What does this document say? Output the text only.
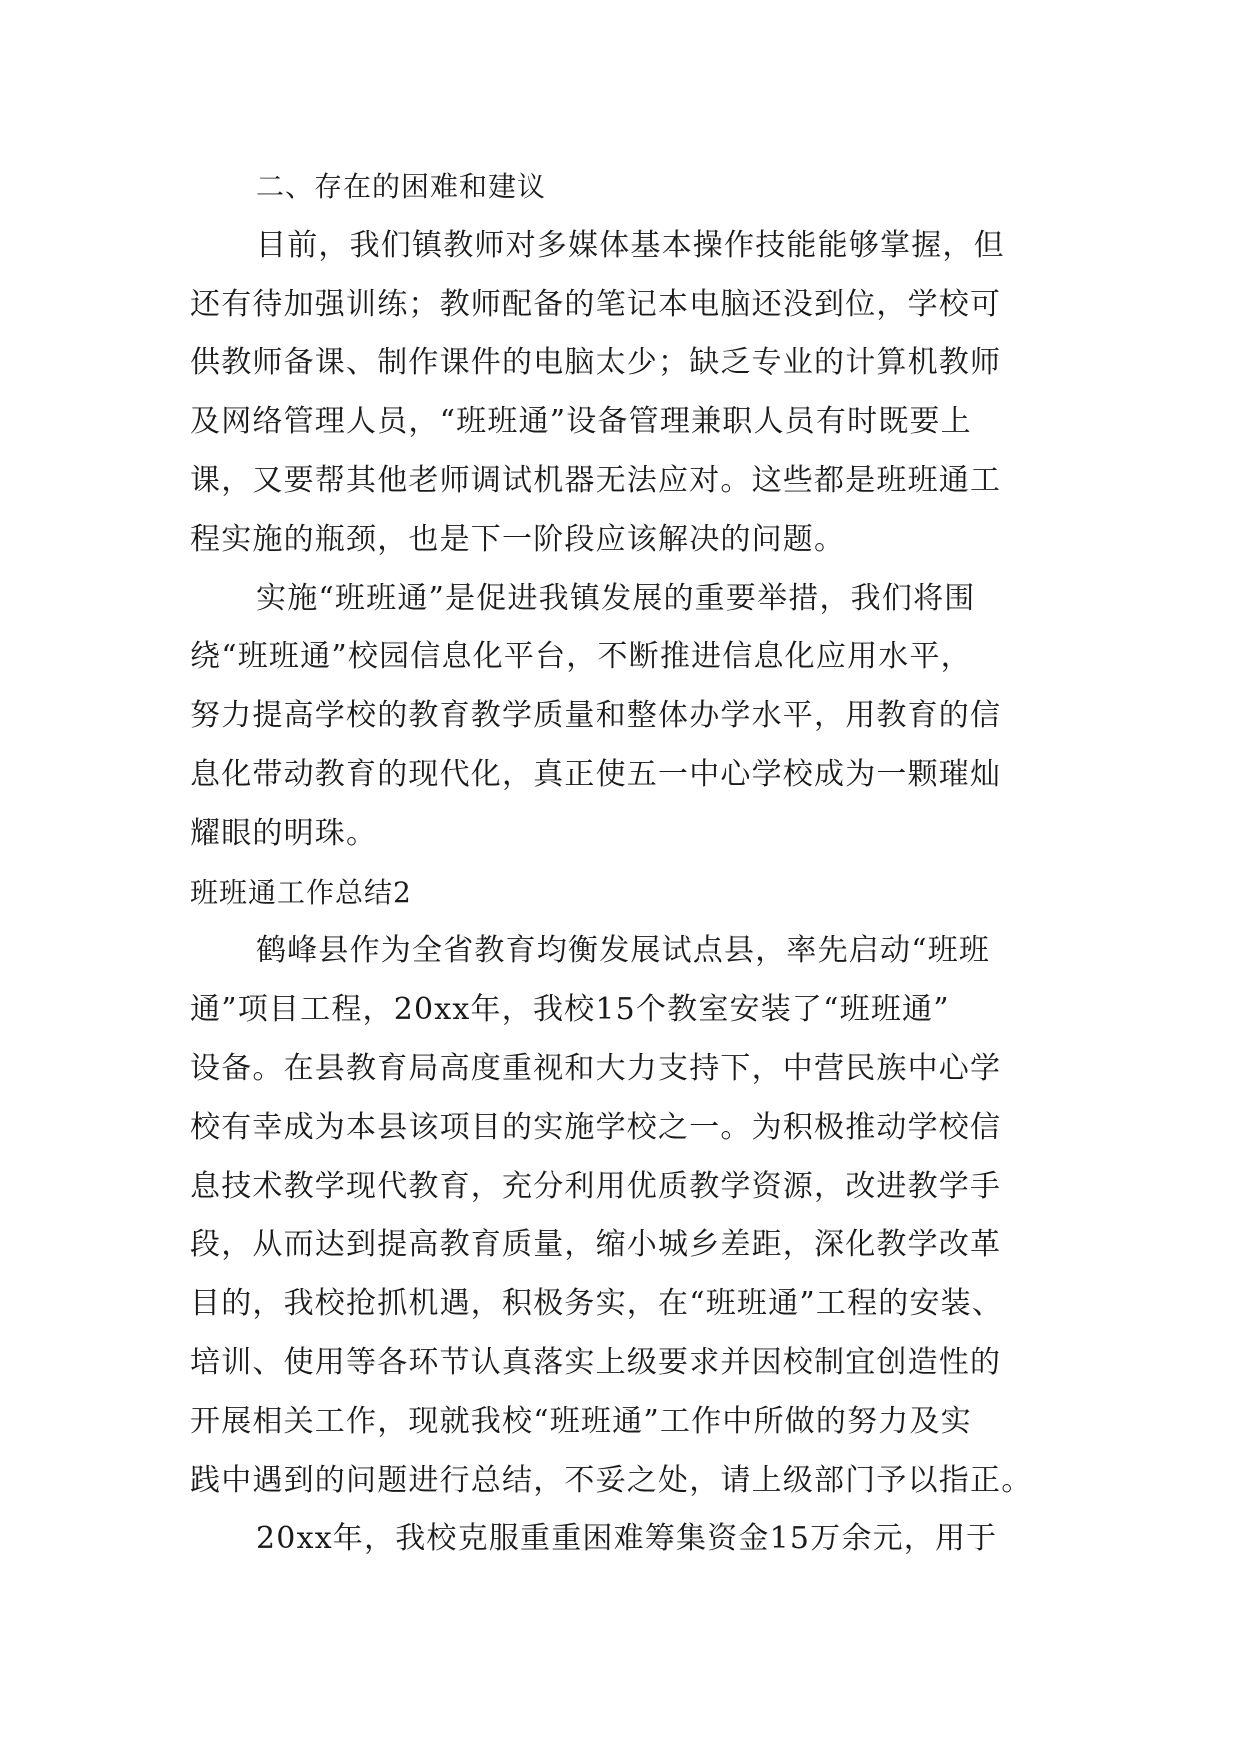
二、存在的困难和建议
目前，我们镇教师对多媒体基本操作技能能够掌握，但
还有待加强训练；教师配备的笔记本电脑还没到位，学校可
供教师备课、制作课件的电脑太少；缺乏专业的计算机教师
及网络管理人员，“班班通”设备管理兼职人员有时既要上
课，又要帮其他老师调试机器无法应对。这些都是班班通工
程实施的瓶颈，也是下一阶段应该解决的问题。
实施“班班通”是促进我镇发展的重要举措，我们将围
绕“班班通”校园信息化平台，不断推进信息化应用水平，
努力提高学校的教育教学质量和整体办学水平，用教育的信
息化带动教育的现代化，真正使五一中心学校成为一颗璀灿
耀眼的明珠。
班班通工作总结2
鹤峰县作为全省教育均衡发展试点县，率先启动“班班
通”项目工程，20xx年，我校15个教室安装了“班班通”
设备。在县教育局高度重视和大力支持下，中营民族中心学
校有幸成为本县该项目的实施学校之一。为积极推动学校信
息技术教学现代教育，充分利用优质教学资源，改进教学手
段，从而达到提高教育质量，缩小城乡差距，深化教学改革
目的，我校抢抓机遇，积极务实，在“班班通”工程的安装、
培训、使用等各环节认真落实上级要求并因校制宜创造性的
开展相关工作，现就我校“班班通”工作中所做的努力及实
践中遇到的问题进行总结，不妥之处，请上级部门予以指正。
20xx年，我校克服重重困难筹集资金15万余元，用于
